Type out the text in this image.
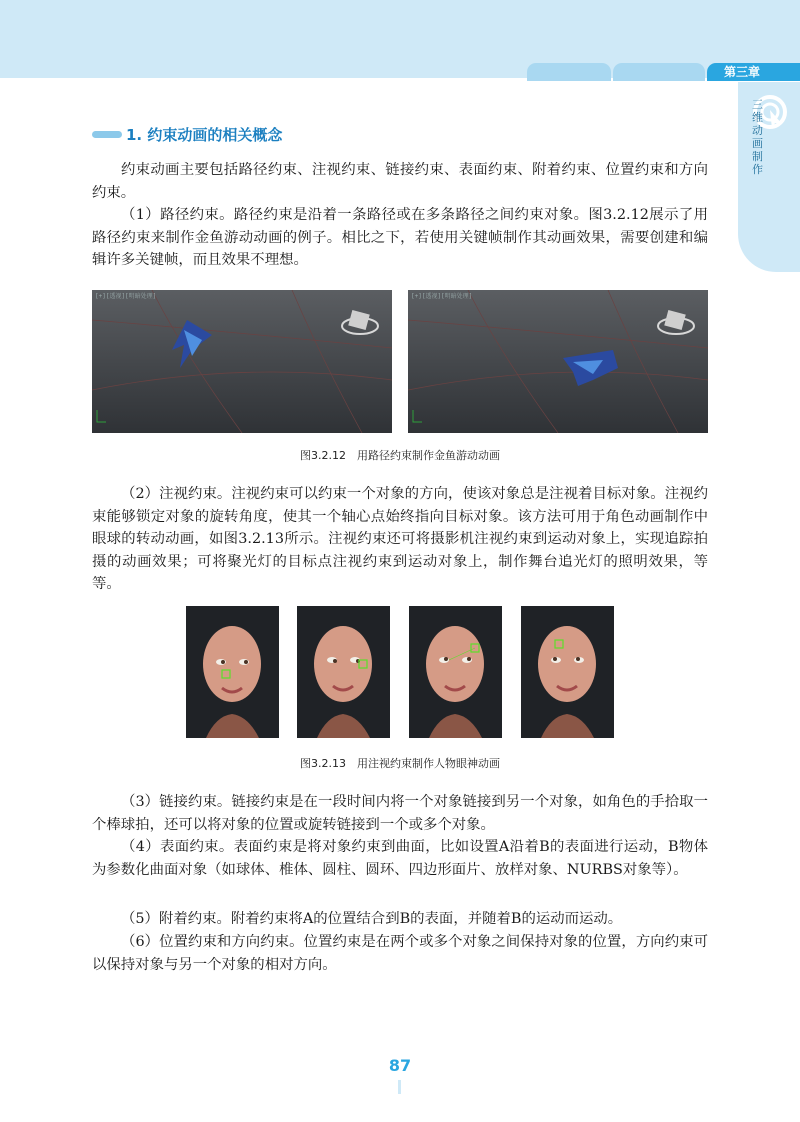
第三章
三维动画制作
1. 约束动画的相关概念

约束动画主要包括路径约束、注视约束、链接约束、表面约束、附着约束、位置约束和方向约束。

（1）路径约束。路径约束是沿着一条路径或在多条路径之间约束对象。图3.2.12展示了用路径约束来制作金鱼游动动画的例子。相比之下，若使用关键帧制作其动画效果，需要创建和编辑许多关键帧，而且效果不理想。

[+][透视][明暗处理]	[+][透视][明暗处理]
图3.2.12　用路径约束制作金鱼游动动画

（2）注视约束。注视约束可以约束一个对象的方向，使该对象总是注视着目标对象。注视约束能够锁定对象的旋转角度，使其一个轴心点始终指向目标对象。该方法可用于角色动画制作中眼球的转动动画，如图3.2.13所示。注视约束还可将摄影机注视约束到运动对象上，实现追踪拍摄的动画效果；可将聚光灯的目标点注视约束到运动对象上，制作舞台追光灯的照明效果，等等。

图3.2.13　用注视约束制作人物眼神动画

（3）链接约束。链接约束是在一段时间内将一个对象链接到另一个对象，如角色的手拾取一个棒球拍，还可以将对象的位置或旋转链接到一个或多个对象。

（4）表面约束。表面约束是将对象约束到曲面，比如设置A沿着B的表面进行运动，B物体为参数化曲面对象（如球体、椎体、圆柱、圆环、四边形面片、放样对象、NURBS对象等）。

（5）附着约束。附着约束将A的位置结合到B的表面，并随着B的运动而运动。

（6）位置约束和方向约束。位置约束是在两个或多个对象之间保持对象的位置，方向约束可以保持对象与另一个对象的相对方向。

87
